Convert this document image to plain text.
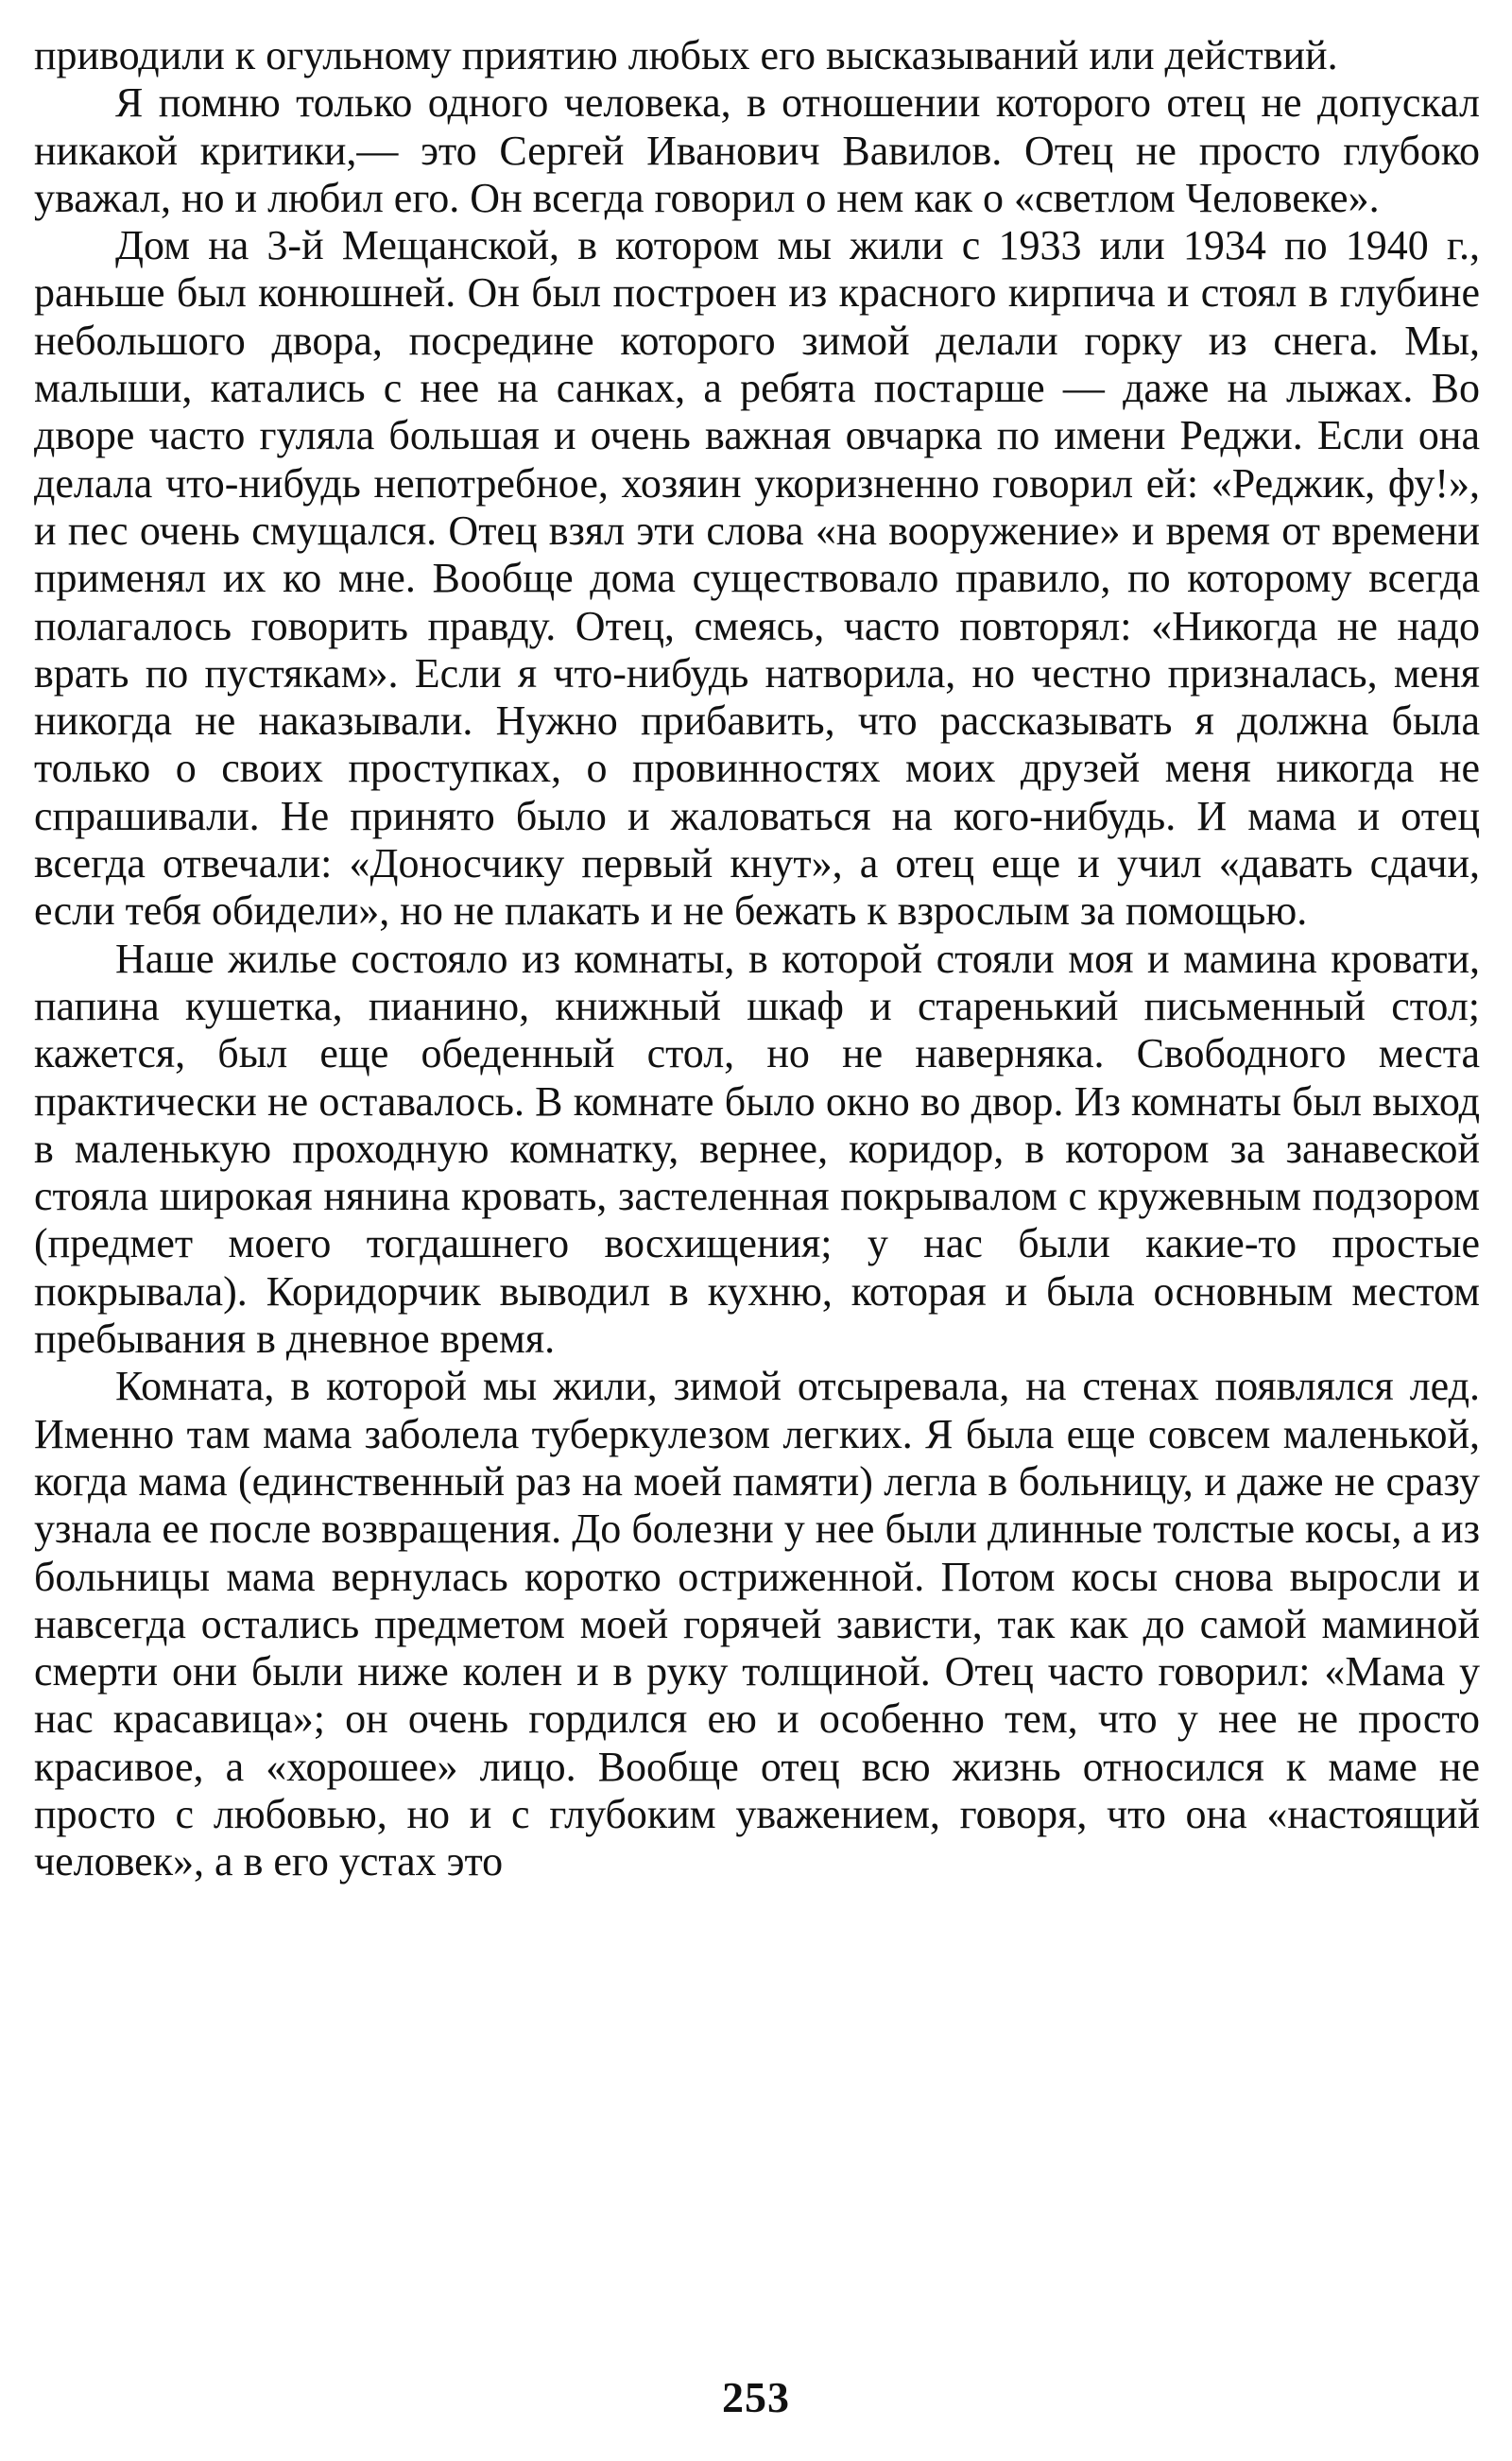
приводили к огульному приятию любых его высказываний или действий.

Я помню только одного человека, в отношении которого отец не допускал никакой критики,— это Сергей Иванович Вавилов. Отец не просто глубоко уважал, но и любил его. Он всегда говорил о нем как о «светлом Человеке».

Дом на 3-й Мещанской, в котором мы жили с 1933 или 1934 по 1940 г., раньше был конюшней. Он был построен из красного кирпича и стоял в глубине небольшого двора, посредине которого зимой делали горку из снега. Мы, малыши, катались с нее на санках, а ребята постарше — даже на лыжах. Во дворе часто гуляла большая и очень важная овчарка по имени Реджи. Если она делала что-нибудь непотребное, хозяин укоризненно говорил ей: «Реджик, фу!», и пес очень смущался. Отец взял эти слова «на вооружение» и время от времени применял их ко мне. Вообще дома существовало правило, по которому всегда полагалось говорить правду. Отец, смеясь, часто повторял: «Никогда не надо врать по пустякам». Если я что-нибудь натворила, но честно призналась, меня никогда не наказывали. Нужно прибавить, что рассказывать я должна была только о своих проступках, о провинностях моих друзей меня никогда не спрашивали. Не принято было и жаловаться на кого-нибудь. И мама и отец всегда отвечали: «Доносчику первый кнут», а отец еще и учил «давать сдачи, если тебя обидели», но не плакать и не бежать к взрослым за помощью.

Наше жилье состояло из комнаты, в которой стояли моя и мамина кровати, папина кушетка, пианино, книжный шкаф и старенький письменный стол; кажется, был еще обеденный стол, но не наверняка. Свободного места практически не оставалось. В комнате было окно во двор. Из комнаты был выход в маленькую проходную комнатку, вернее, коридор, в котором за занавеской стояла широкая нянина кровать, застеленная покрывалом с кружевным подзором (предмет моего тогдашнего восхищения; у нас были какие-то простые покрывала). Коридорчик выводил в кухню, которая и была основным местом пребывания в дневное время.

Комната, в которой мы жили, зимой отсыревала, на стенах появлялся лед. Именно там мама заболела туберкулезом легких. Я была еще совсем маленькой, когда мама (единственный раз на моей памяти) легла в больницу, и даже не сразу узнала ее после возвращения. До болезни у нее были длинные толстые косы, а из больницы мама вернулась коротко остриженной. Потом косы снова выросли и навсегда остались предметом моей горячей зависти, так как до самой маминой смерти они были ниже колен и в руку толщиной. Отец часто говорил: «Мама у нас красавица»; он очень гордился ею и особенно тем, что у нее не просто красивое, а «хорошее» лицо. Вообще отец всю жизнь относился к маме не просто с любовью, но и с глубоким уважением, говоря, что она «настоящий человек», а в его устах это

253
